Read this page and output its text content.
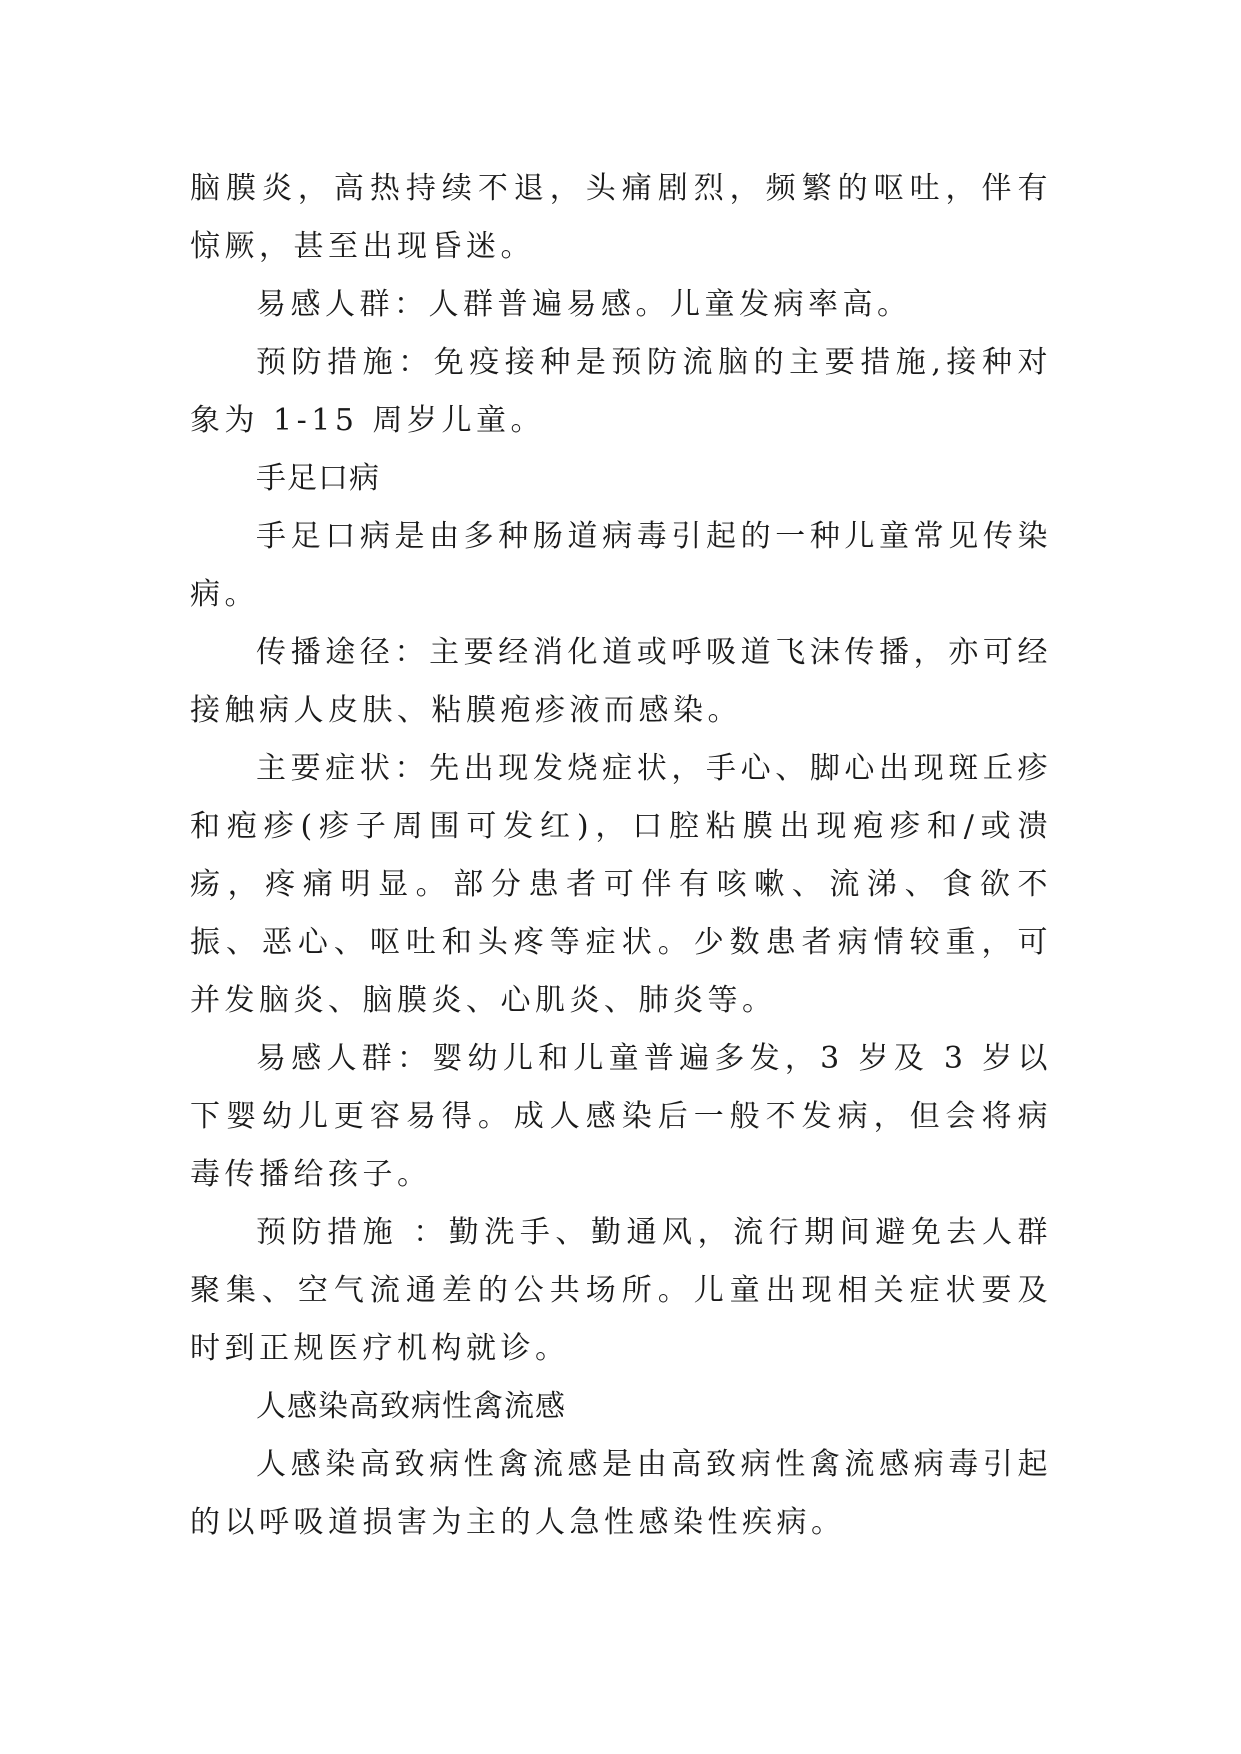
脑膜炎，高热持续不退，头痛剧烈，频繁的呕吐，伴有惊厥，甚至出现昏迷。

易感人群：人群普遍易感。儿童发病率高。

预防措施：免疫接种是预防流脑的主要措施,接种对象为 1-15 周岁儿童。

手足口病

手足口病是由多种肠道病毒引起的一种儿童常见传染病。

传播途径：主要经消化道或呼吸道飞沫传播，亦可经接触病人皮肤、粘膜疱疹液而感染。

主要症状：先出现发烧症状，手心、脚心出现斑丘疹和疱疹(疹子周围可发红)，口腔粘膜出现疱疹和/或溃疡，疼痛明显。部分患者可伴有咳嗽、流涕、食欲不振、恶心、呕吐和头疼等症状。少数患者病情较重，可并发脑炎、脑膜炎、心肌炎、肺炎等。

易感人群：婴幼儿和儿童普遍多发，3 岁及 3 岁以下婴幼儿更容易得。成人感染后一般不发病，但会将病毒传播给孩子。

预防措施 ：勤洗手、勤通风，流行期间避免去人群聚集、空气流通差的公共场所。儿童出现相关症状要及时到正规医疗机构就诊。

人感染高致病性禽流感

人感染高致病性禽流感是由高致病性禽流感病毒引起的以呼吸道损害为主的人急性感染性疾病。
